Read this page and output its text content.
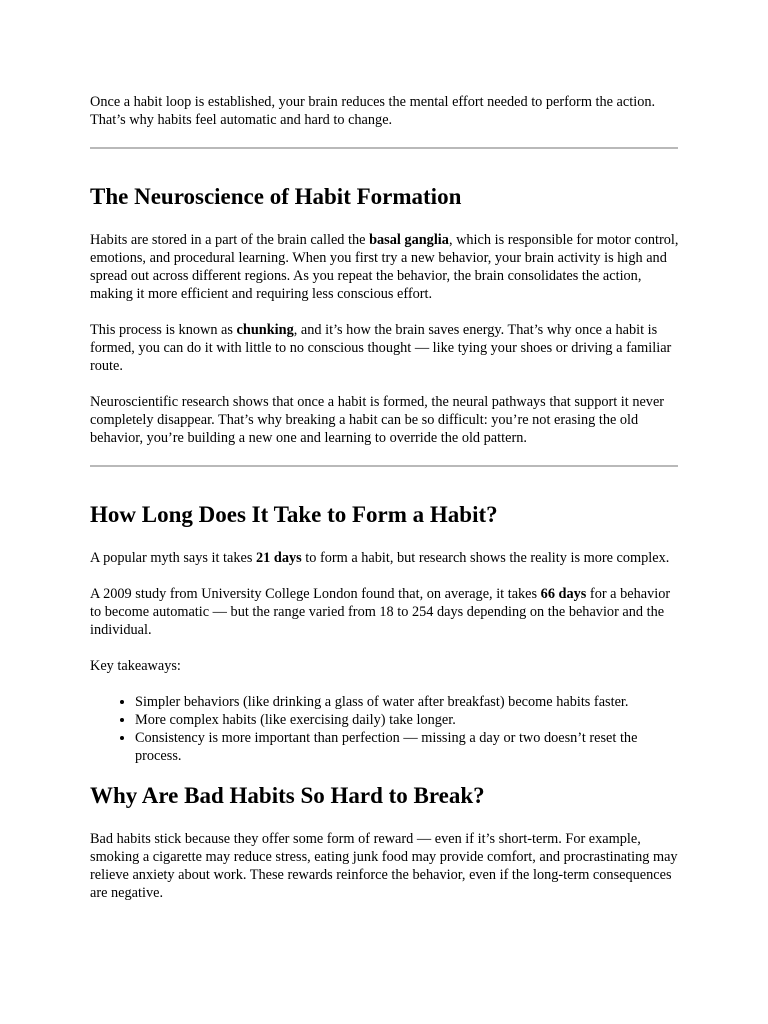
Once a habit loop is established, your brain reduces the mental effort needed to perform the action. That’s why habits feel automatic and hard to change.

The Neuroscience of Habit Formation

Habits are stored in a part of the brain called the basal ganglia, which is responsible for motor control, emotions, and procedural learning. When you first try a new behavior, your brain activity is high and spread out across different regions. As you repeat the behavior, the brain consolidates the action, making it more efficient and requiring less conscious effort.

This process is known as chunking, and it’s how the brain saves energy. That’s why once a habit is formed, you can do it with little to no conscious thought — like tying your shoes or driving a familiar route.

Neuroscientific research shows that once a habit is formed, the neural pathways that support it never completely disappear. That’s why breaking a habit can be so difficult: you’re not erasing the old behavior, you’re building a new one and learning to override the old pattern.

How Long Does It Take to Form a Habit?

A popular myth says it takes 21 days to form a habit, but research shows the reality is more complex.

A 2009 study from University College London found that, on average, it takes 66 days for a behavior to become automatic — but the range varied from 18 to 254 days depending on the behavior and the individual.

Key takeaways:

• Simpler behaviors (like drinking a glass of water after breakfast) become habits faster.
• More complex habits (like exercising daily) take longer.
• Consistency is more important than perfection — missing a day or two doesn’t reset the process.
Why Are Bad Habits So Hard to Break?

Bad habits stick because they offer some form of reward — even if it’s short-term. For example, smoking a cigarette may reduce stress, eating junk food may provide comfort, and procrastinating may relieve anxiety about work. These rewards reinforce the behavior, even if the long-term consequences are negative.
